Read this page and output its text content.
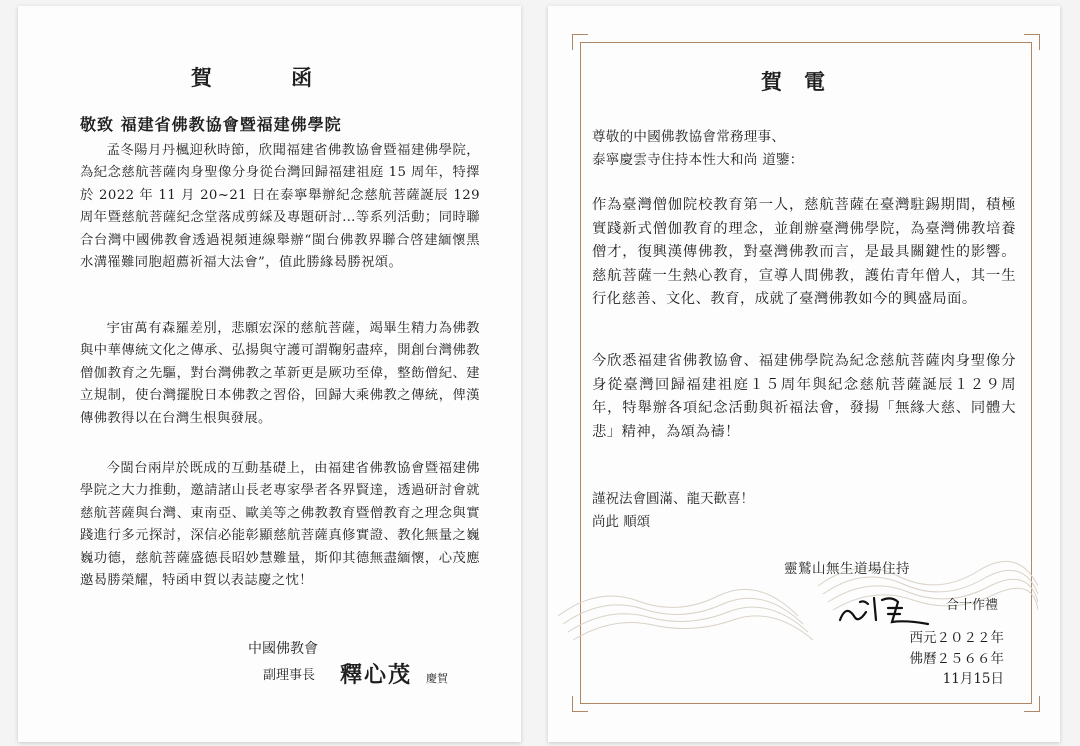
賀 函
敬致 福建省佛教協會暨福建佛學院

孟冬陽月丹楓迎秋時節，欣聞福建省佛教協會暨福建佛學院，為紀念慈航菩薩肉身聖像分身從台灣回歸福建祖庭 15 周年，特擇於 2022 年 11 月 20~21 日在泰寧舉辦紀念慈航菩薩誕辰 129 周年暨慈航菩薩紀念堂落成剪綵及專題研討…等系列活動；同時聯合台灣中國佛教會透過視頻連線舉辦“閩台佛教界聯合啓建緬懷黑水溝罹難同胞超薦祈福大法會”，值此勝緣曷勝祝頌。

宇宙萬有森羅差別，悲願宏深的慈航菩薩，竭畢生精力為佛教與中華傳統文化之傳承、弘揚與守護可謂鞠躬盡瘁，開創台灣佛教僧伽教育之先驅，對台灣佛教之革新更是厥功至偉，整飭僧紀、建立規制，使台灣擺脫日本佛教之習俗，回歸大乘佛教之傳統，俾漢傳佛教得以在台灣生根與發展。

今閩台兩岸於既成的互動基礎上，由福建省佛教協會暨福建佛學院之大力推動，邀請諸山長老專家學者各界賢達，透過研討會就慈航菩薩與台灣、東南亞、歐美等之佛教教育暨僧教育之理念與實踐進行多元探討，深信必能彰顯慈航菩薩真修實證、教化無量之巍巍功德，慈航菩薩盛德長昭妙慧難量，斯仰其德無盡緬懷，心茂應邀曷勝榮耀，特函申賀以表誌慶之忱！

中國佛教會
副理事長 釋心茂 慶賀
賀電
尊敬的中國佛教協會常務理事、
泰寧慶雲寺住持本性大和尚 道鑒：

作為臺灣僧伽院校教育第一人，慈航菩薩在臺灣駐錫期間，積極實踐新式僧伽教育的理念，並創辦臺灣佛學院，為臺灣佛教培養僧才，復興漢傳佛教，對臺灣佛教而言，是最具關鍵性的影響。慈航菩薩一生熱心教育，宣導人間佛教，護佑青年僧人，其一生行化慈善、文化、教育，成就了臺灣佛教如今的興盛局面。

今欣悉福建省佛教協會、福建佛學院為紀念慈航菩薩肉身聖像分身從臺灣回歸福建祖庭１５周年與紀念慈航菩薩誕辰１２９周年，特舉辦各項紀念活動與祈福法會，發揚「無緣大慈、同體大悲」精神，為頌為禱！

謹祝法會圓滿、龍天歡喜！
尚此 順頌
靈鷲山無生道場住持
合十作禮
西元２０２２年
佛曆２５６６年
11月15日
